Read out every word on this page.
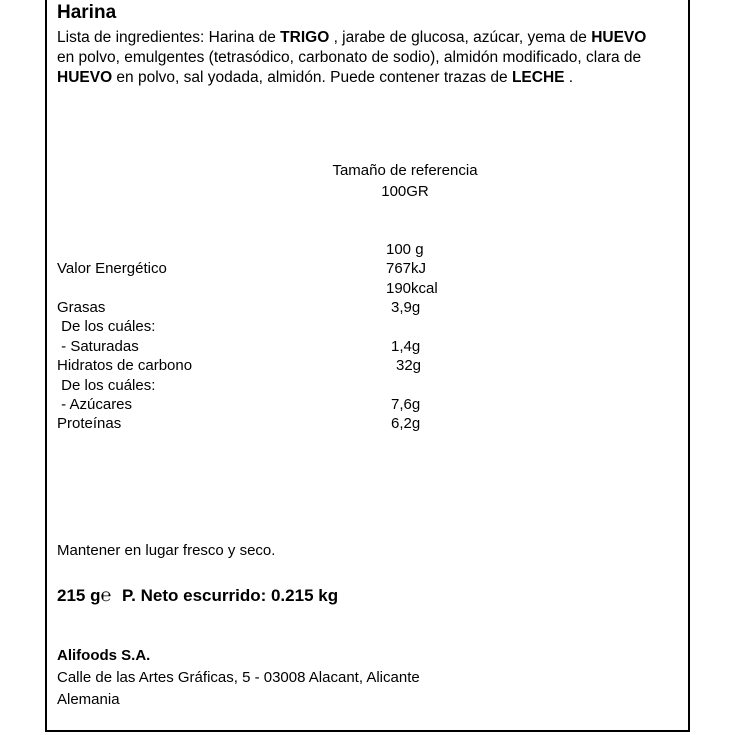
Harina
Lista de ingredientes: Harina de TRIGO , jarabe de glucosa, azúcar, yema de HUEVO en polvo, emulgentes (tetrasódico, carbonato de sodio), almidón modificado, clara de HUEVO en polvo, sal yodada, almidón. Puede contener trazas de LECHE .
Tamaño de referencia
100GR
100 g
Valor Energético	767kJ
190kcal
Grasas	3,9g
De los cuáles:
- Saturadas	1,4g
Hidratos de carbono	32g
De los cuáles:
- Azúcares	7,6g
Proteínas	6,2g
Mantener en lugar fresco y seco.
215 g℮ P. Neto escurrido: 0.215 kg
Alifoods S.A.
Calle de las Artes Gráficas, 5 - 03008 Alacant, Alicante
Alemania
